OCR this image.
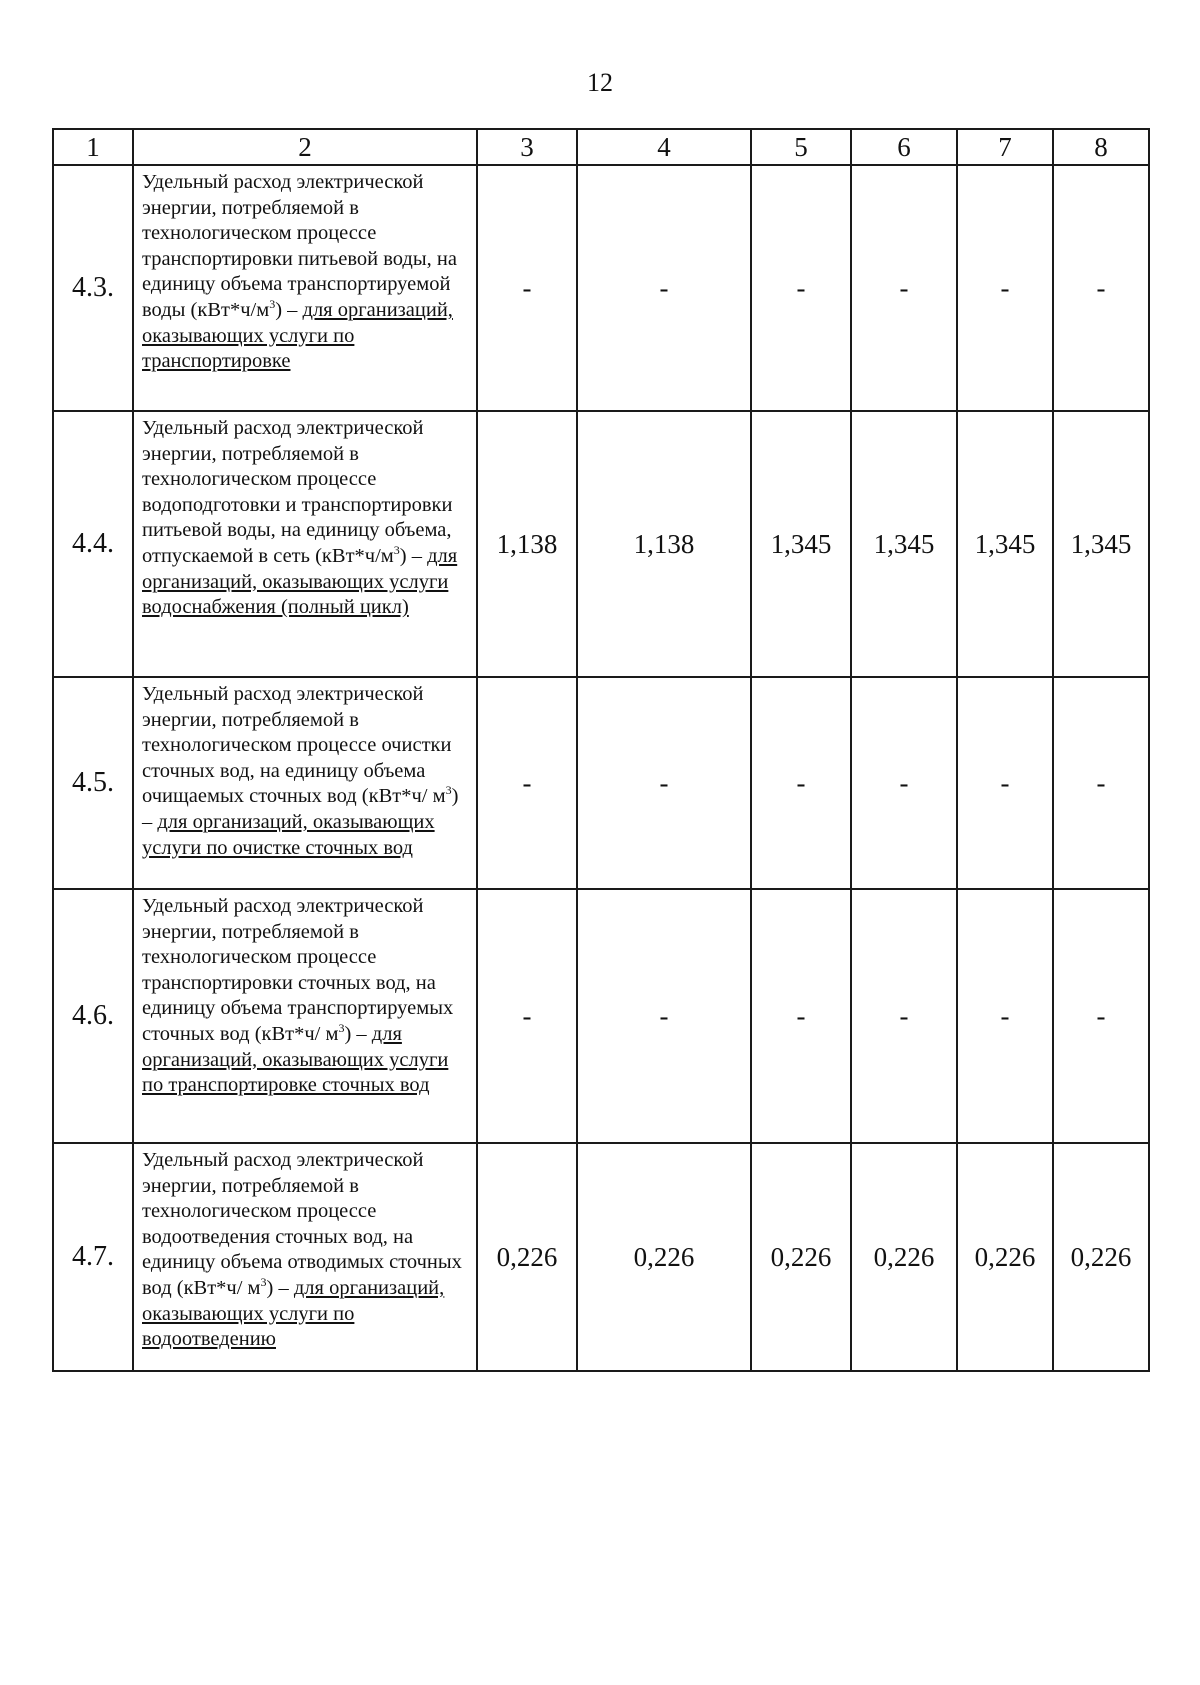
12
1	2	3	4	5	6	7	8
4.3.	Удельный расход электрической энергии, потребляемой в технологическом процессе транспортировки питьевой воды, на единицу объема транспортируемой воды $(кВт*ч/м^3)$ – для организаций, оказывающих услуги по транспортировке	-	-	-	-	-	-
4.4.	Удельный расход электрической энергии, потребляемой в технологическом процессе водоподготовки и транспортировки питьевой воды, на единицу объема, отпускаемой в сеть $(кВт*ч/м^3)$ – для организаций, оказывающих услуги водоснабжения (полный цикл)	1,138	1,138	1,345	1,345	1,345	1,345
4.5.	Удельный расход электрической энергии, потребляемой в технологическом процессе очистки сточных вод, на единицу объема очищаемых сточных вод (кВт*ч/ $м^3$) – для организаций, оказывающих услуги по очистке сточных вод	-	-	-	-	-	-
4.6.	Удельный расход электрической энергии, потребляемой в технологическом процессе транспортировки сточных вод, на единицу объема транспортируемых сточных вод (кВт*ч/ $м^3$) – для организаций, оказывающих услуги по транспортировке сточных вод	-	-	-	-	-	-
4.7.	Удельный расход электрической энергии, потребляемой в технологическом процессе водоотведения сточных вод, на единицу объема отводимых сточных вод (кВт*ч/ $м^3$) – для организаций, оказывающих услуги по водоотведению	0,226	0,226	0,226	0,226	0,226	0,226
